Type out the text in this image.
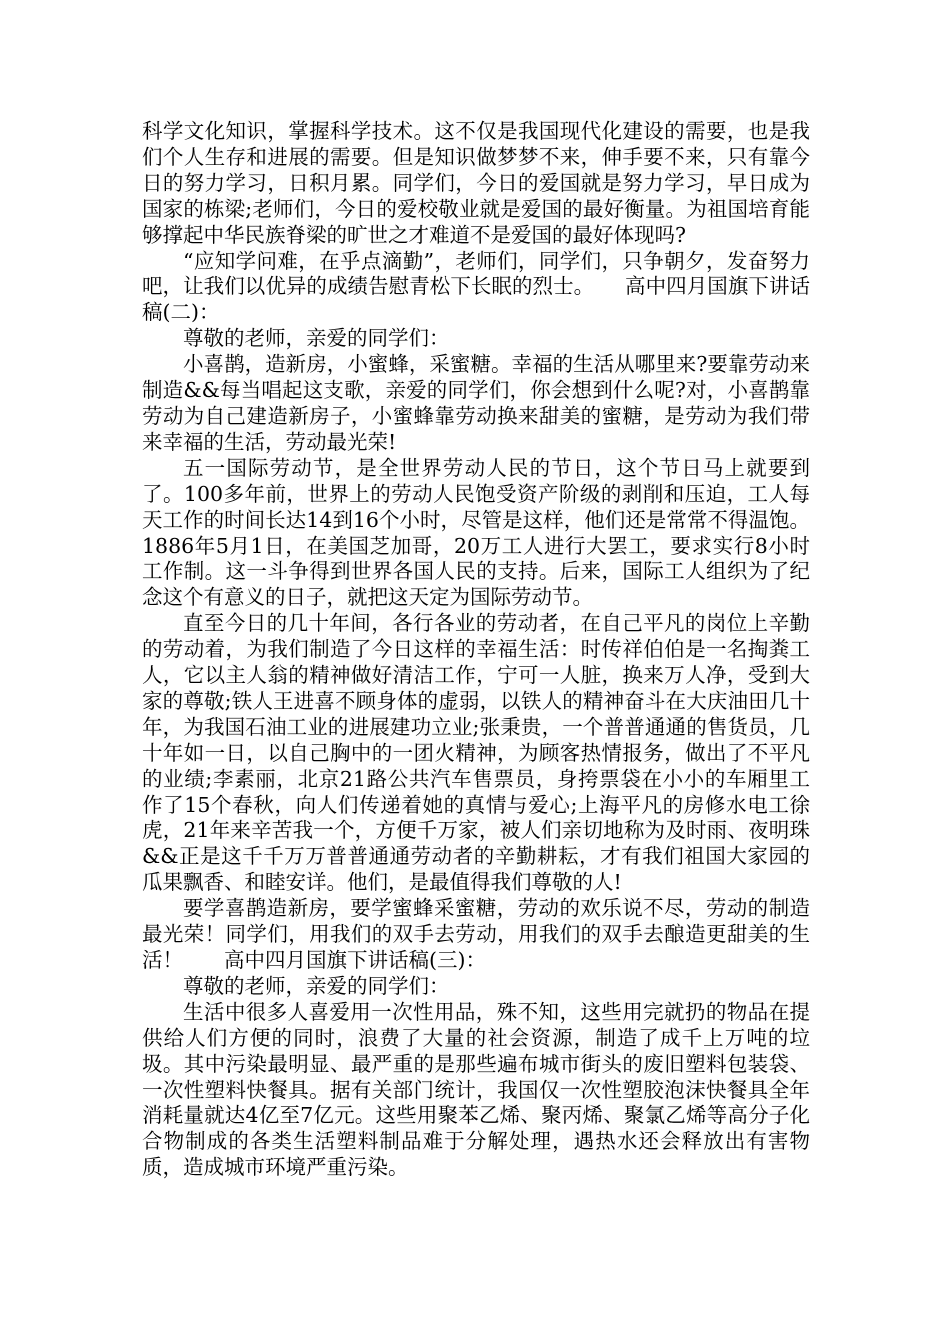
科学文化知识，掌握科学技术。这不仅是我国现代化建设的需要，也是我们个人生存和进展的需要。但是知识做梦梦不来，伸手要不来，只有靠今日的努力学习，日积月累。同学们，今日的爱国就是努力学习，早日成为国家的栋梁;老师们，今日的爱校敬业就是爱国的最好衡量。为祖国培育能够撑起中华民族脊梁的旷世之才难道不是爱国的最好体现吗?

“应知学问难，在乎点滴勤”，老师们，同学们，只争朝夕，发奋努力吧，让我们以优异的成绩告慰青松下长眠的烈士。　　高中四月国旗下讲话稿(二)：

尊敬的老师，亲爱的同学们：

小喜鹊，造新房，小蜜蜂，采蜜糖。幸福的生活从哪里来?要靠劳动来制造&&每当唱起这支歌，亲爱的同学们，你会想到什么呢?对，小喜鹊靠劳动为自己建造新房子，小蜜蜂靠劳动换来甜美的蜜糖，是劳动为我们带来幸福的生活，劳动最光荣!

五一国际劳动节，是全世界劳动人民的节日，这个节日马上就要到了。100多年前，世界上的劳动人民饱受资产阶级的剥削和压迫，工人每天工作的时间长达14到16个小时，尽管是这样，他们还是常常不得温饱。1886年5月1日，在美国芝加哥，20万工人进行大罢工，要求实行8小时工作制。这一斗争得到世界各国人民的支持。后来，国际工人组织为了纪念这个有意义的日子，就把这天定为国际劳动节。

直至今日的几十年间，各行各业的劳动者，在自己平凡的岗位上辛勤的劳动着，为我们制造了今日这样的幸福生活：时传祥伯伯是一名掏粪工人，它以主人翁的精神做好清洁工作，宁可一人脏，换来万人净，受到大家的尊敬;铁人王进喜不顾身体的虚弱，以铁人的精神奋斗在大庆油田几十年，为我国石油工业的进展建功立业;张秉贵，一个普普通通的售货员，几十年如一日，以自己胸中的一团火精神，为顾客热情报务，做出了不平凡的业绩;李素丽，北京21路公共汽车售票员，身挎票袋在小小的车厢里工作了15个春秋，向人们传递着她的真情与爱心;上海平凡的房修水电工徐虎，21年来辛苦我一个，方便千万家，被人们亲切地称为及时雨、夜明珠&&正是这千千万万普普通通劳动者的辛勤耕耘，才有我们祖国大家园的瓜果飘香、和睦安详。他们，是最值得我们尊敬的人!

要学喜鹊造新房，要学蜜蜂采蜜糖，劳动的欢乐说不尽，劳动的制造最光荣！同学们，用我们的双手去劳动，用我们的双手去酿造更甜美的生活！　　高中四月国旗下讲话稿(三)：

尊敬的老师，亲爱的同学们：

生活中很多人喜爱用一次性用品，殊不知，这些用完就扔的物品在提供给人们方便的同时，浪费了大量的社会资源，制造了成千上万吨的垃圾。其中污染最明显、最严重的是那些遍布城市街头的废旧塑料包装袋、一次性塑料快餐具。据有关部门统计，我国仅一次性塑胶泡沫快餐具全年消耗量就达4亿至7亿元。这些用聚苯乙烯、聚丙烯、聚氯乙烯等高分子化合物制成的各类生活塑料制品难于分解处理，遇热水还会释放出有害物质，造成城市环境严重污染。
